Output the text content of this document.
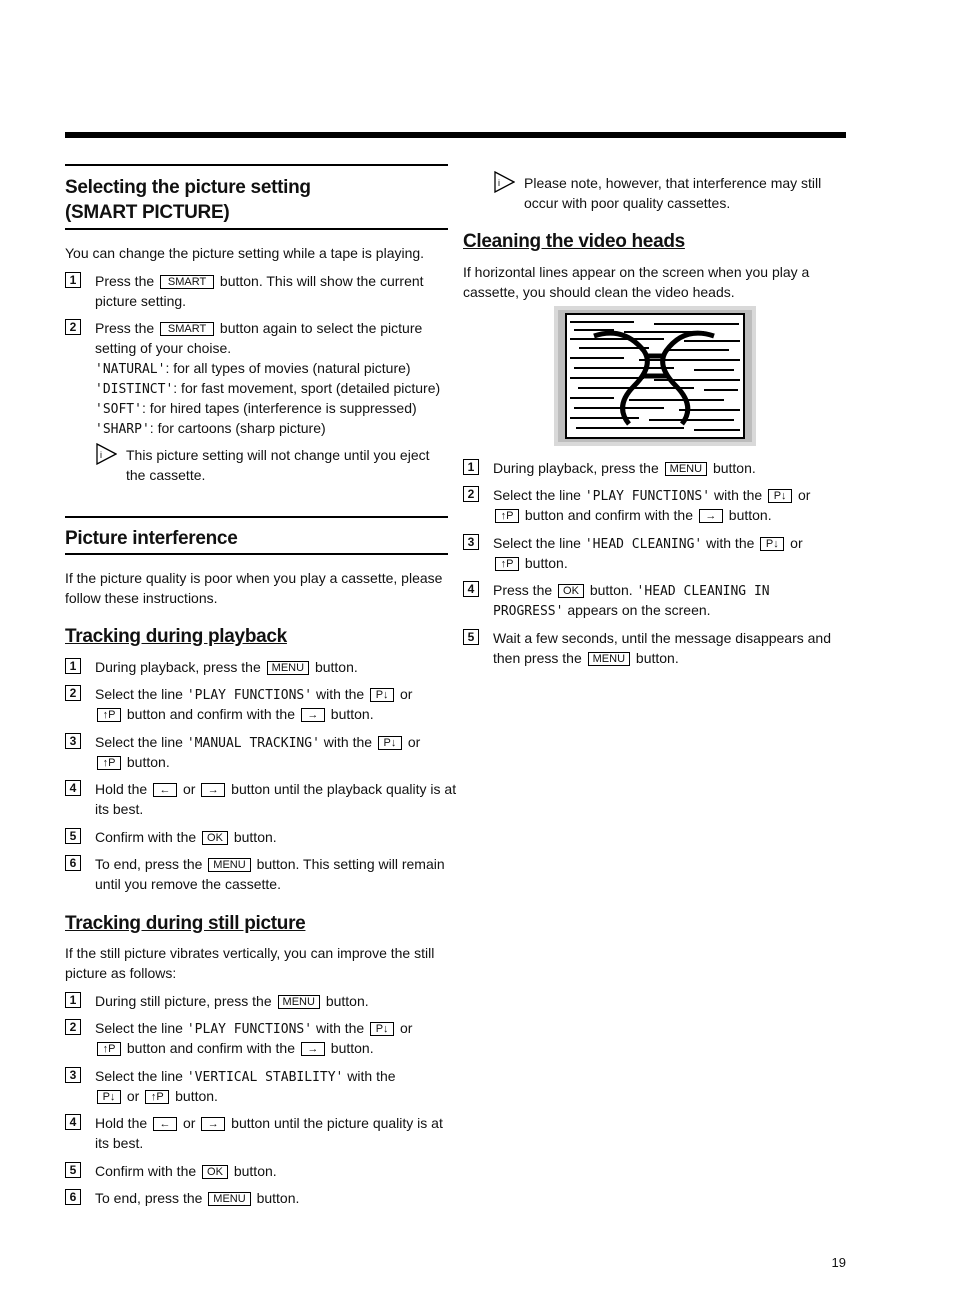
Selecting the picture setting
(SMART PICTURE)
You can change the picture setting while a tape is playing.
1	Press the SMART button. This will show the current
picture setting.
2	Press the SMART button again to select the picture
setting of your choise.
'NATURAL': for all types of movies (natural picture)
'DISTINCT': for fast movement, sport (detailed picture)
'SOFT': for hired tapes (interference is suppressed)
'SHARP': for cartoons (sharp picture)
i This picture setting will not change until you eject
the cassette.
Picture interference
If the picture quality is poor when you play a cassette, please
follow these instructions.
Tracking during playback
1	During playback, press the MENU button.
2	Select the line 'PLAY FUNCTIONS' with the P↓ or
↑P button and confirm with the → button.
3	Select the line 'MANUAL TRACKING' with the P↓ or
↑P button.
4	Hold the ← or → button until the playback quality is at
its best.
5	Confirm with the OK button.
6	To end, press the MENU button. This setting will remain
until you remove the cassette.
Tracking during still picture
If the still picture vibrates vertically, you can improve the still
picture as follows:
1	During still picture, press the MENU button.
2	Select the line 'PLAY FUNCTIONS' with the P↓ or
↑P button and confirm with the → button.
3	Select the line 'VERTICAL STABILITY' with the
P↓ or ↑P button.
4	Hold the ← or → button until the picture quality is at
its best.
5	Confirm with the OK button.
6	To end, press the MENU button.
i Please note, however, that interference may still
occur with poor quality cassettes.
Cleaning the video heads
If horizontal lines appear on the screen when you play a
cassette, you should clean the video heads.
1	During playback, press the MENU button.
2	Select the line 'PLAY FUNCTIONS' with the P↓ or
↑P button and confirm with the → button.
3	Select the line 'HEAD CLEANING' with the P↓ or
↑P button.
4	Press the OK button. 'HEAD CLEANING IN
PROGRESS' appears on the screen.
5	Wait a few seconds, until the message disappears and
then press the MENU button.
19
